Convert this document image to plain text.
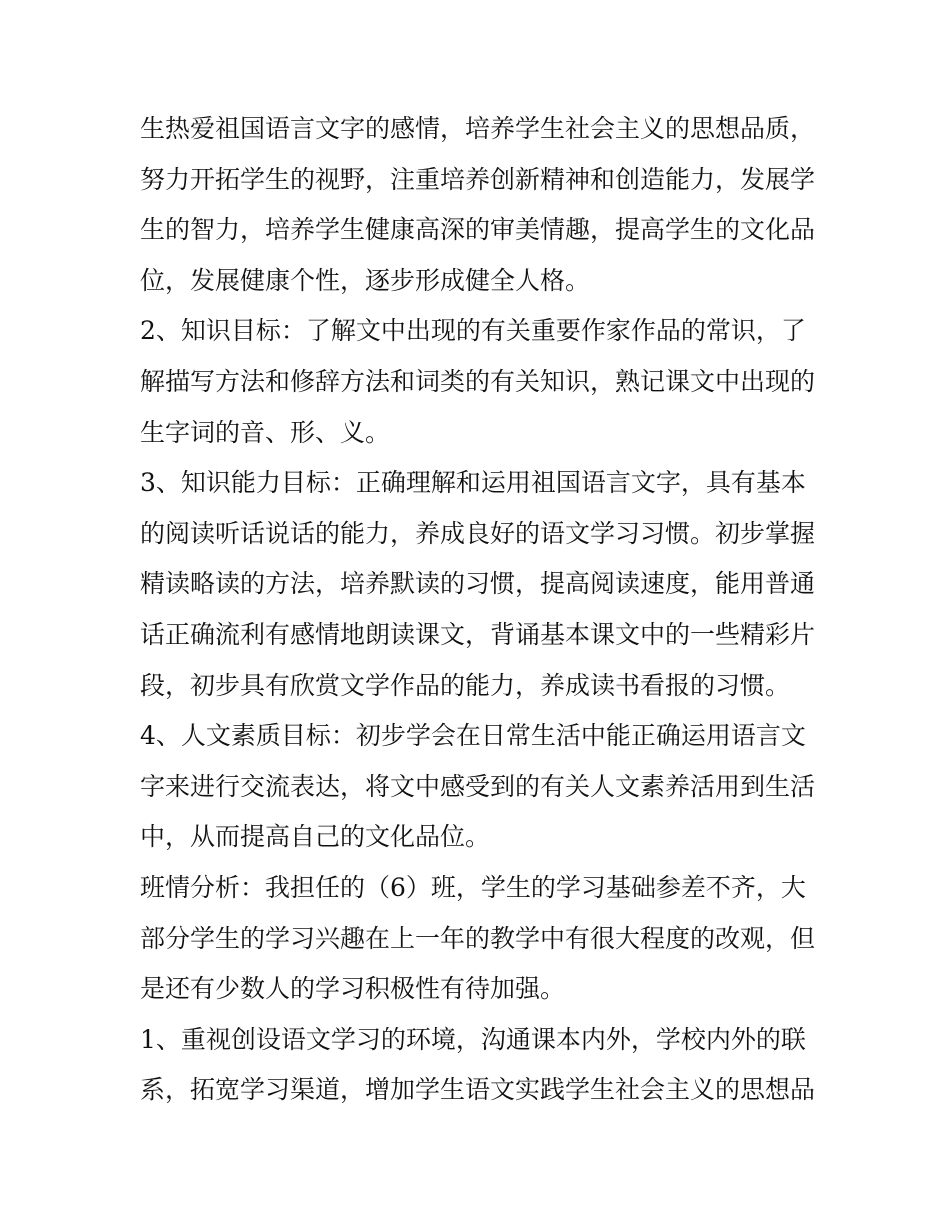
生热爱祖国语言文字的感情，培养学生社会主义的思想品质，
努力开拓学生的视野，注重培养创新精神和创造能力，发展学
生的智力，培养学生健康高深的审美情趣，提高学生的文化品
位，发展健康个性，逐步形成健全人格。
2、知识目标：了解文中出现的有关重要作家作品的常识，了
解描写方法和修辞方法和词类的有关知识，熟记课文中出现的
生字词的音、形、义。
3、知识能力目标：正确理解和运用祖国语言文字，具有基本
的阅读听话说话的能力，养成良好的语文学习习惯。初步掌握
精读略读的方法，培养默读的习惯，提高阅读速度，能用普通
话正确流利有感情地朗读课文，背诵基本课文中的一些精彩片
段，初步具有欣赏文学作品的能力，养成读书看报的习惯。
4、人文素质目标：初步学会在日常生活中能正确运用语言文
字来进行交流表达，将文中感受到的有关人文素养活用到生活
中，从而提高自己的文化品位。
班情分析：我担任的（6）班，学生的学习基础参差不齐，大
部分学生的学习兴趣在上一年的教学中有很大程度的改观，但
是还有少数人的学习积极性有待加强。
1、重视创设语文学习的环境，沟通课本内外，学校内外的联
系，拓宽学习渠道，增加学生语文实践学生社会主义的思想品
